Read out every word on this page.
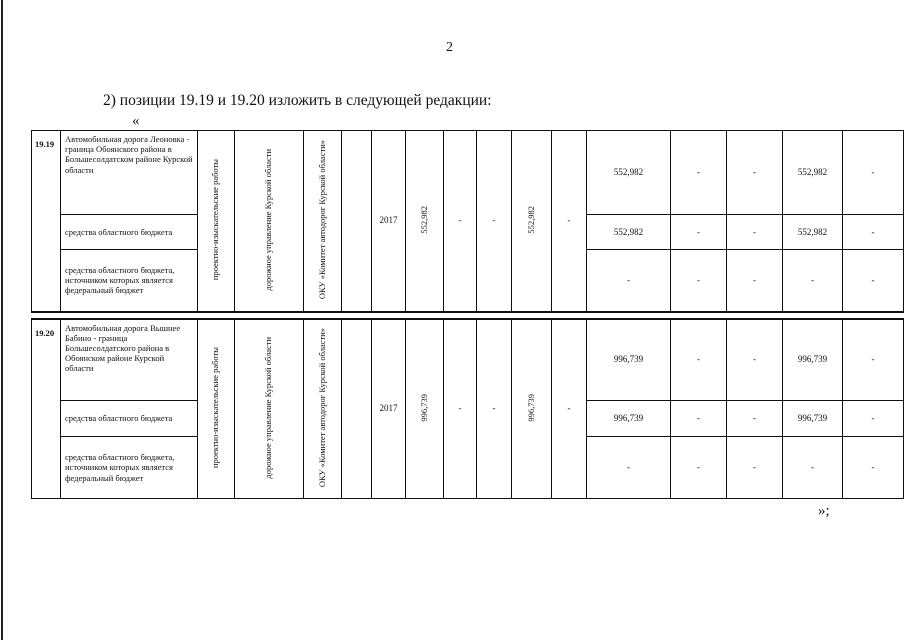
2
2) позиции 19.19 и 19.20 изложить в следующей редакции:
«
19.19	Автомобильная дорога Леоновка - граница Обоянского района в Большесолдатском районе Курской области	проектно-изыскательские работы	дорожное управление Курской области	ОКУ «Комитет автодорог Курской области»		2017	552,982	-	-	552,982	-	552,982	-	-	552,982	-
	средства областного бюджета											552,982	-	-	552,982	-
	средства областного бюджета, источником которых является федеральный бюджет											-	-	-	-	-

19.20	Автомобильная дорога Вышнее Бабино - граница Большесолдатского района в Обоянском районе Курской области	проектно-изыскательские работы	дорожное управление Курской области	ОКУ «Комитет автодорог Курской области»		2017	996,739	-	-	996,739	-	996,739	-	-	996,739	-
	средства областного бюджета											996,739	-	-	996,739	-
	средства областного бюджета, источником которых является федеральный бюджет											-	-	-	-	-
»;
